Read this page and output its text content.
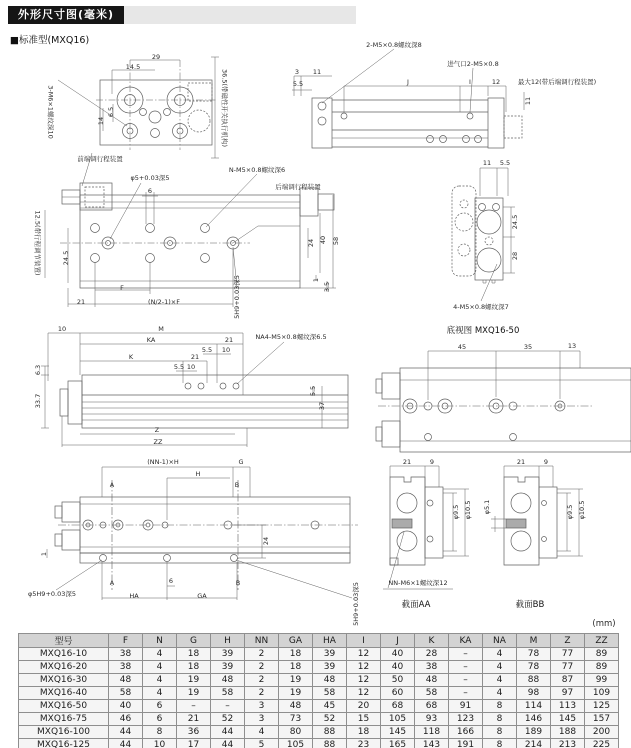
外形尺寸图(毫米)
■标准型(MXQ16)
29
14.5
6.5
14
3-M6×1螺纹深10	36.5(带磁性开关执行机构)
前端调行程装置
2-M5×0.8螺纹深8
进气口2-M5×0.8
3 11
5.5	J	I	12	最大12(带后端调行程装置)
11
φ5+0.03深5
6
N-M5×0.8螺纹深6
后端调行程装置
12.5(带行程调节装置)	24.5
24 40 58
1
3.5
5H9+0.03深5
21
F
(N/2-1)×F
11 5.5
24.5
28
4-M5×0.8螺纹深7
底视图 MXQ16-50
45	35	13
10	M
KA	21
5.5 10
K	21
5.5 10
NA4-M5×0.8螺纹深6.5
6.3
33.7
5.5
37
Z
ZZ
(NN-1)×H	G
H
A	B
24
1
A	6	B
φ5H9+0.03深5	HA	GA	5H9+0.03深5
21	9
φ9.5 φ10.5
NN-M6×1螺纹深12
截面AA
21	9
φ5.1	φ9.5 φ10.5
截面BB
(mm)
型号	F	N	G	H	NN	GA	HA	I	J	K	KA	NA	M	Z	ZZ
MXQ16-10	38	4	18	39	2	18	39	12	40	28	–	4	78	77	89
MXQ16-20	38	4	18	39	2	18	39	12	40	38	–	4	78	77	89
MXQ16-30	48	4	19	48	2	19	48	12	50	48	–	4	88	87	99
MXQ16-40	58	4	19	58	2	19	58	12	60	58	–	4	98	97	109
MXQ16-50	40	6	–	–	3	48	45	20	68	68	91	8	114	113	125
MXQ16-75	46	6	21	52	3	73	52	15	105	93	123	8	146	145	157
MXQ16-100	44	8	36	44	4	80	88	18	145	118	166	8	189	188	200
MXQ16-125	44	10	17	44	5	105	88	23	165	143	191	8	214	213	225
